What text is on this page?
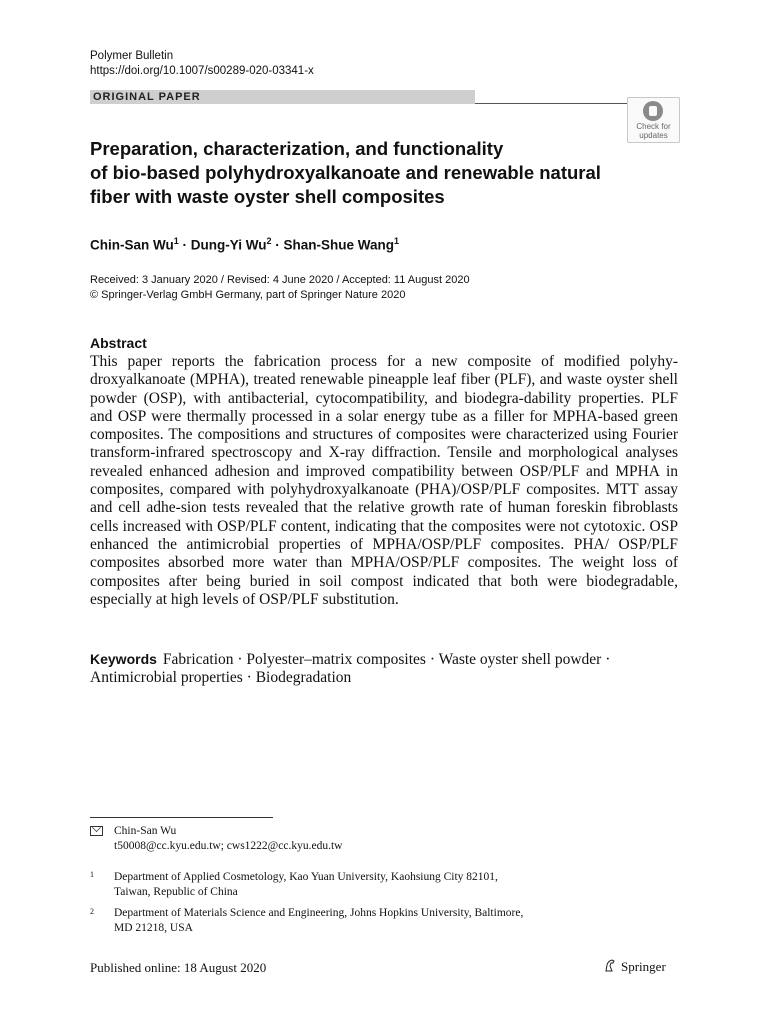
Polymer Bulletin
https://doi.org/10.1007/s00289-020-03341-x
ORIGINAL PAPER
Check for
updates
Preparation, characterization, and functionality
of bio-based polyhydroxyalkanoate and renewable natural
fiber with waste oyster shell composites
Chin-San $Wu^1$ · Dung-Yi $Wu^2$ · Shan-Shue Wang$^1$
Received: 3 January 2020 / Revised: 4 June 2020 / Accepted: 11 August 2020
© Springer-Verlag GmbH Germany, part of Springer Nature 2020
Abstract
This paper reports the fabrication process for a new composite of modified polyhy-droxyalkanoate (MPHA), treated renewable pineapple leaf fiber (PLF), and waste oyster shell powder (OSP), with antibacterial, cytocompatibility, and biodegra-dability properties. PLF and OSP were thermally processed in a solar energy tube as a filler for MPHA-based green composites. The compositions and structures of composites were characterized using Fourier transform-infrared spectroscopy and X-ray diffraction. Tensile and morphological analyses revealed enhanced adhesion and improved compatibility between OSP/PLF and MPHA in composites, compared with polyhydroxyalkanoate (PHA)/OSP/PLF composites. MTT assay and cell adhe-sion tests revealed that the relative growth rate of human foreskin fibroblasts cells increased with OSP/PLF content, indicating that the composites were not cytotoxic. OSP enhanced the antimicrobial properties of MPHA/OSP/PLF composites. PHA/ OSP/PLF composites absorbed more water than MPHA/OSP/PLF composites. The weight loss of composites after being buried in soil compost indicated that both were biodegradable, especially at high levels of OSP/PLF substitution.
Keywords Fabrication · Polyester–matrix composites · Waste oyster shell powder · Antimicrobial properties · Biodegradation
Chin-San Wu
t50008@cc.kyu.edu.tw; cws1222@cc.kyu.edu.tw
1 Department of Applied Cosmetology, Kao Yuan University, Kaohsiung City 82101,
Taiwan, Republic of China
2 Department of Materials Science and Engineering, Johns Hopkins University, Baltimore,
MD 21218, USA
Published online: 18 August 2020	Springer
